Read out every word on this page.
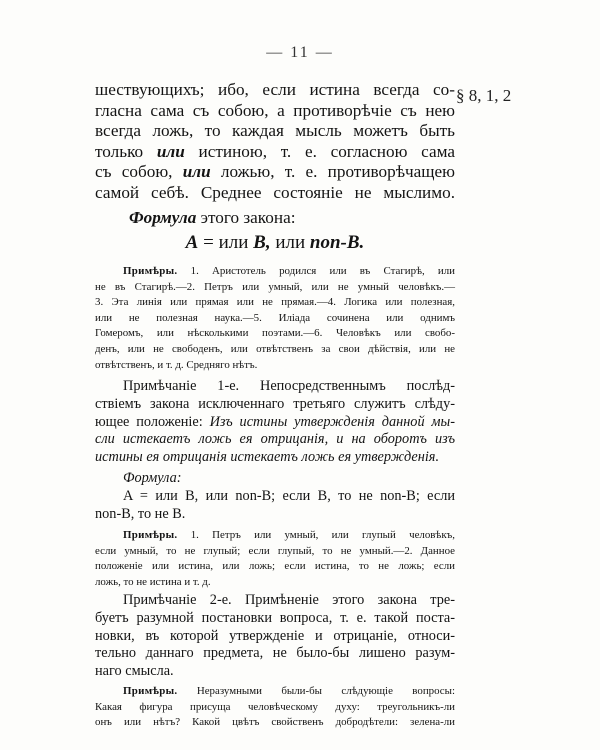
— 11 —
§ 8, 1, 2
шествующихъ; ибо, если истина всегда со-
гласна сама съ собою, а противорѣчіе съ нею
всегда ложь, то каждая мысль можетъ быть
только или истиною, т. е. согласною сама
съ собою, или ложью, т. е. противорѣчащею
самой себѣ. Среднее состояніе не мыслимо.
Формула этого закона:
A = или B, или non-B.
Примѣры. 1. Аристотель родился или въ Стагирѣ, или
не въ Стагирѣ.—2. Петръ или умный, или не умный человѣкъ.—
3. Эта линія или прямая или не прямая.—4. Логика или полезная,
или не полезная наука.—5. Иліада сочинена или однимъ
Гомеромъ, или нѣсколькими поэтами.—6. Человѣкъ или свобо-
денъ, или не свободенъ, или отвѣтственъ за свои дѣйствія, или не
отвѣтственъ, и т. д. Средняго нѣтъ.
Примѣчаніе 1-е. Непосредственнымъ послѣд-
ствіемъ закона исключеннаго третьяго служитъ слѣду-
ющее положеніе: Изъ истины утвержденія данной мы-
сли истекаетъ ложь ея отрицанія, и на оборотъ изъ
истины ея отрицанія истекаетъ ложь ея утвержденія.
Формула:
A = или B, или non-B; если B, то не non-B; если
non-B, то не B.
Примѣры. 1. Петръ или умный, или глупый человѣкъ,
если умный, то не глупый; если глупый, то не умный.—2. Данное
положеніе или истина, или ложь; если истина, то не ложь; если
ложь, то не истина и т. д.
Примѣчаніе 2-е. Примѣненіе этого закона тре-
буетъ разумной постановки вопроса, т. е. такой поста-
новки, въ которой утвержденіе и отрицаніе, относи-
тельно даннаго предмета, не было-бы лишено разум-
наго смысла.
Примѣры. Неразумными были-бы слѣдующіе вопросы:
Какая фигура присуща человѣческому духу: треугольникъ-ли
онъ или нѣтъ? Какой цвѣтъ свойственъ добродѣтели: зелена-ли
